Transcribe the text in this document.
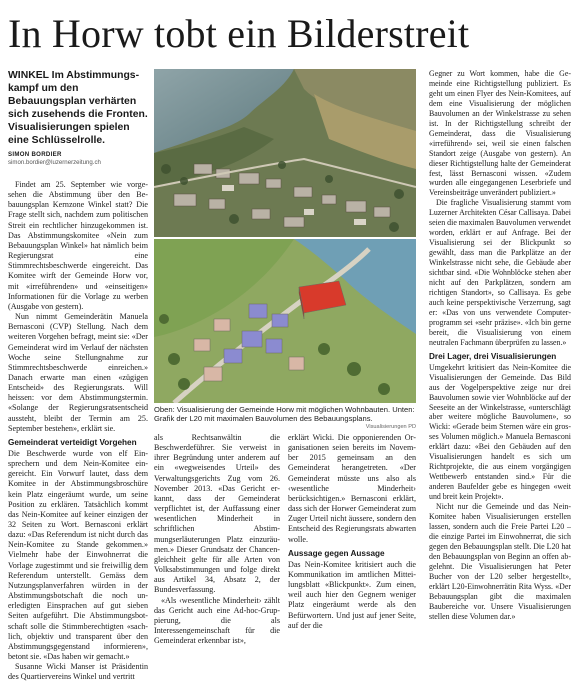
In Horw tobt ein Bilderstreit
WINKEL Im Abstimmungskampf um den Bebauungsplan verhärten sich zusehends die Fronten. Visualisierungen spielen eine Schlüsselrolle.
SIMON BORDIER
simon.bordier@luzernerzeitung.ch

Findet am 25. September wie vorgesehen die Abstimmung über den Bebauungsplan Kernzone Winkel statt? Die Frage stellt sich, nachdem zum politischen Streit ein rechtlicher hinzugekommen ist. Das Abstimmungskomitee «Nein zum Bebauungsplan Winkel» hat nämlich beim Regierungsrat eine Stimmrechtsbeschwerde eingereicht. Das Komitee wirft der Gemeinde Horw vor, mit «irreführenden» und «einseitigen» Informationen für die Vorlage zu werben (Ausgabe von gestern).

Nun nimmt Gemeinderätin Manuela Bernasconi (CVP) Stellung. Nach dem weiteren Vorgehen befragt, meint sie: «Der Gemeinderat wird im Verlauf der nächsten Woche seine Stellungnahme zur Stimmrechtsbeschwerde einreichen.» Danach erwarte man einen «zügigen Entscheid» des Regierungsrats. Will heissen: vor dem Abstimmungstermin. «Solange der Regierungsratsentscheid aussteht, bleibt der Termin am 25. September bestehen», erklärt sie.

Gemeinderat verteidigt Vorgehen

Die Beschwerde wurde von elf Einsprechern und dem Nein-Komitee eingereicht. Ein Vorwurf lautet, dass dem Komitee in der Abstimmungsbroschüre kein Platz eingeräumt wurde, um seine Position zu erklären. Tatsächlich kommt das Nein-Komitee auf keiner einzigen der 32 Seiten zu Wort. Bernasconi erklärt dazu: «Das Referendum ist nicht durch das Nein-Komitee zu Stande gekommen.» Vielmehr habe der Einwohnerrat die Vorlage zugestimmt und sie freiwillig dem Referendum unterstellt. Gemäss dem Nutzungsplanverfahren würden in der Abstimmungsbotschaft die noch unerledigten Einsprachen auf gut sieben Seiten aufgeführt. Die Abstimmungsbotschaft solle die Stimmberechtigten «sachlich, objektiv und transparent über den Abstimmungsgegenstand informieren», betont sie. «Das haben wir gemacht.»

Susanne Wicki Manser ist Präsidentin des Quartiervereins Winkel und vertritt

Oben: Visualisierung der Gemeinde Horw mit möglichen Wohnbauten. Unten: Grafik der L20 mit maximalen Bauvolumen des Bebauungsplans.
Visualisierungen PD

als Rechtsanwältin die Beschwerdeführer. Sie verweist in ihrer Begründung unter anderem auf ein «wegweisendes Urteil» des Verwaltungsgerichts Zug vom 26. November 2013. «Das Gericht erkannt, dass der Gemeinderat verpflichtet ist, der Auffassung einer wesentlichen Minderheit in schriftlichen Abstimmungserläuterungen Platz einzuräumen.» Dieser Grundsatz der Chancengleichheit gelte für alle Arten von Volksabstimmungen und folge direkt aus Artikel 34, Absatz 2, der Bundesverfassung.

«Als ‹wesentliche Minderheit› zählt das Gericht auch eine Ad-hoc-Gruppierung, die als Interessengemeinschaft für die Gemeinderat erkennbar ist»,

erklärt Wicki. Die opponierenden Organisationen seien bereits im November 2015 gemeinsam an den Gemeinderat herangetreten. «Der Gemeinderat müsste uns also als ‹wesentliche Minderheit› berücksichtigen.» Bernasconi erklärt, dass sich der Horwer Gemeinderat zum Zuger Urteil nicht äussere, sondern den Entscheid des Regierungsrats abwarten wolle.

Aussage gegen Aussage

Das Nein-Komitee kritisiert auch die Kommunikation im amtlichen Mitteilungsblatt «Blickpunkt». Zum einen, weil auch hier den Gegnern weniger Platz eingeräumt werde als den Befürwortern. Und just auf jener Seite, auf der die

Gegner zu Wort kommen, habe die Gemeinde eine Richtigstellung publiziert. Es geht um einen Flyer des Nein-Komitees, auf dem eine Visualisierung der möglichen Bauvolumen an der Winkelstrasse zu sehen ist. In der Richtigstellung schreibt der Gemeinderat, dass die Visualisierung «irreführend» sei, weil sie einen falschen Standort zeige (Ausgabe von gestern). An dieser Richtigstellung halte der Gemeinderat fest, lässt Bernasconi wissen. «Zudem wurden alle eingegangenen Leserbriefe und Vereinsbeiträge unverändert publiziert.»

Die fragliche Visualisierung stammt vom Luzerner Architekten César Callisaya. Dabei seien die maximalen Bauvolumen verwendet worden, erklärt er auf Anfrage. Bei der Visualisierung sei der Blickpunkt so gewählt, dass man die Parkplätze an der Winkelstrasse nicht sehe, die Gebäude aber sichtbar sind. «Die Wohnblöcke stehen aber nicht auf den Parkplätzen, sondern am richtigen Standort», so Callisaya. Es gebe auch keine perspektivische Verzerrung, sagt er: «Das von uns verwendete Computerprogramm sei «sehr präzise». «Ich bin gerne bereit, die Visualisierung von einem neutralen Fachmann überprüfen zu lassen.»

Drei Lager, drei Visualisierungen

Umgekehrt kritisiert das Nein-Komitee die Visualisierungen der Gemeinde. Das Bild aus der Vogelperspektive zeige nur drei Bauvolumen sowie vier Wohnblöcke auf der Seeseite an der Winkelstrasse, «unterschlägt aber weitere mögliche Bauvolumen», so Wicki: «Gerade beim Sternen wäre ein grosses Volumen möglich.» Manuela Bernasconi erklärt dazu: «Bei den Gebäuden auf den Visualisierungen handelt es sich um Richtprojekte, die aus einem vorgängigen Wettbewerb entstanden sind.» Für die anderen Baufelder gebe es hingegen «weit und breit kein Projekt».

Nicht nur die Gemeinde und das Nein-Komitee haben Visualisierungen erstellen lassen, sondern auch die Freie Partei L20 – die einzige Partei im Einwohnerrat, die sich gegen den Bebauungsplan stellt. Die L20 hat den Bebauungsplan von Beginn an offen abgelehnt. Die Visualisierungen hat Peter Bucher von der L20 selber hergestellt», erklärt L20-Einwohnerrätin Rita Wyss. «Der Bebauungsplan gibt die maximalen Baubereiche vor. Unsere Visualisierungen stellen diese Volumen dar.»
